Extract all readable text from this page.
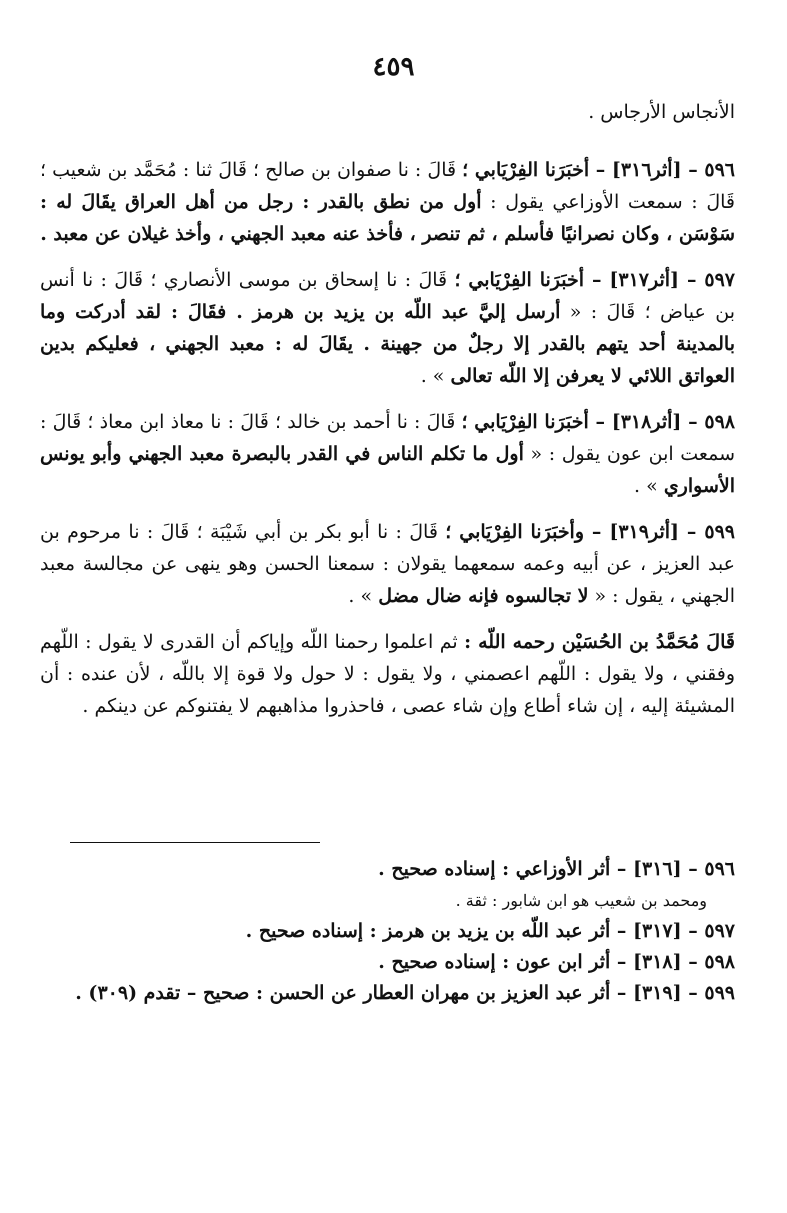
٤٥٩

الأنجاس الأرجاس .

٥٩٦ – [أثر٣١٦] – أخبَرَنا الفِرْيَابي ؛ قَالَ : نا صفوان بن صالح ؛ قَالَ ثنا : مُحَمَّد بن شعيب ؛ قَالَ : سمعت الأوزاعي يقول : أول من نطق بالقدر : رجل من أهل العراق يقَالَ له : سَوْسَن ، وكان نصرانيًا فأسلم ، ثم تنصر ، فأخذ عنه معبد الجهني ، وأخذ غيلان عن معبد .

٥٩٧ – [أثر٣١٧] – أخبَرَنا الفِرْيَابي ؛ قَالَ : نا إسحاق بن موسى الأنصاري ؛ قَالَ : نا أنس بن عياض ؛ قَالَ : « أرسل إليَّ عبد اللّه بن يزيد بن هرمز . فقَالَ : لقد أدركت وما بالمدينة أحد يتهم بالقدر إلا رجلٌ من جهينة . يقَالَ له : معبد الجهني ، فعليكم بدين العواتق اللائي لا يعرفن إلا اللّه تعالى » .

٥٩٨ – [أثر٣١٨] – أخبَرَنا الفِرْيَابي ؛ قَالَ : نا أحمد بن خالد ؛ قَالَ : نا معاذ ابن معاذ ؛ قَالَ : سمعت ابن عون يقول : « أول ما تكلم الناس في القدر بالبصرة معبد الجهني وأبو يونس الأسواري » .

٥٩٩ – [أثر٣١٩] – وأخبَرَنا الفِرْيَابي ؛ قَالَ : نا أبو بكر بن أبي شَيْبَة ؛ قَالَ : نا مرحوم بن عبد العزيز ، عن أبيه وعمه سمعهما يقولان : سمعنا الحسن وهو ينهى عن مجالسة معبد الجهني ، يقول : « لا تجالسوه فإنه ضال مضل » .

قَالَ مُحَمَّدُ بن الحُسَيْن رحمه اللّه : ثم اعلموا رحمنا اللّه وإياكم أن القدرى لا يقول : اللّهم وفقني ، ولا يقول : اللّهم اعصمني ، ولا يقول : لا حول ولا قوة إلا باللّه ، لأن عنده : أن المشيئة إليه ، إن شاء أطاع وإن شاء عصى ، فاحذروا مذاهبهم لا يفتنوكم عن دينكم .

٥٩٦ – [٣١٦] – أثر الأوزاعي : إسناده صحيح .

ومحمد بن شعيب هو ابن شابور : ثقة .

٥٩٧ – [٣١٧] – أثر عبد اللّه بن يزيد بن هرمز : إسناده صحيح .

٥٩٨ – [٣١٨] – أثر ابن عون : إسناده صحيح .

٥٩٩ – [٣١٩] – أثر عبد العزيز بن مهران العطار عن الحسن : صحيح – تقدم (٣٠٩) .
